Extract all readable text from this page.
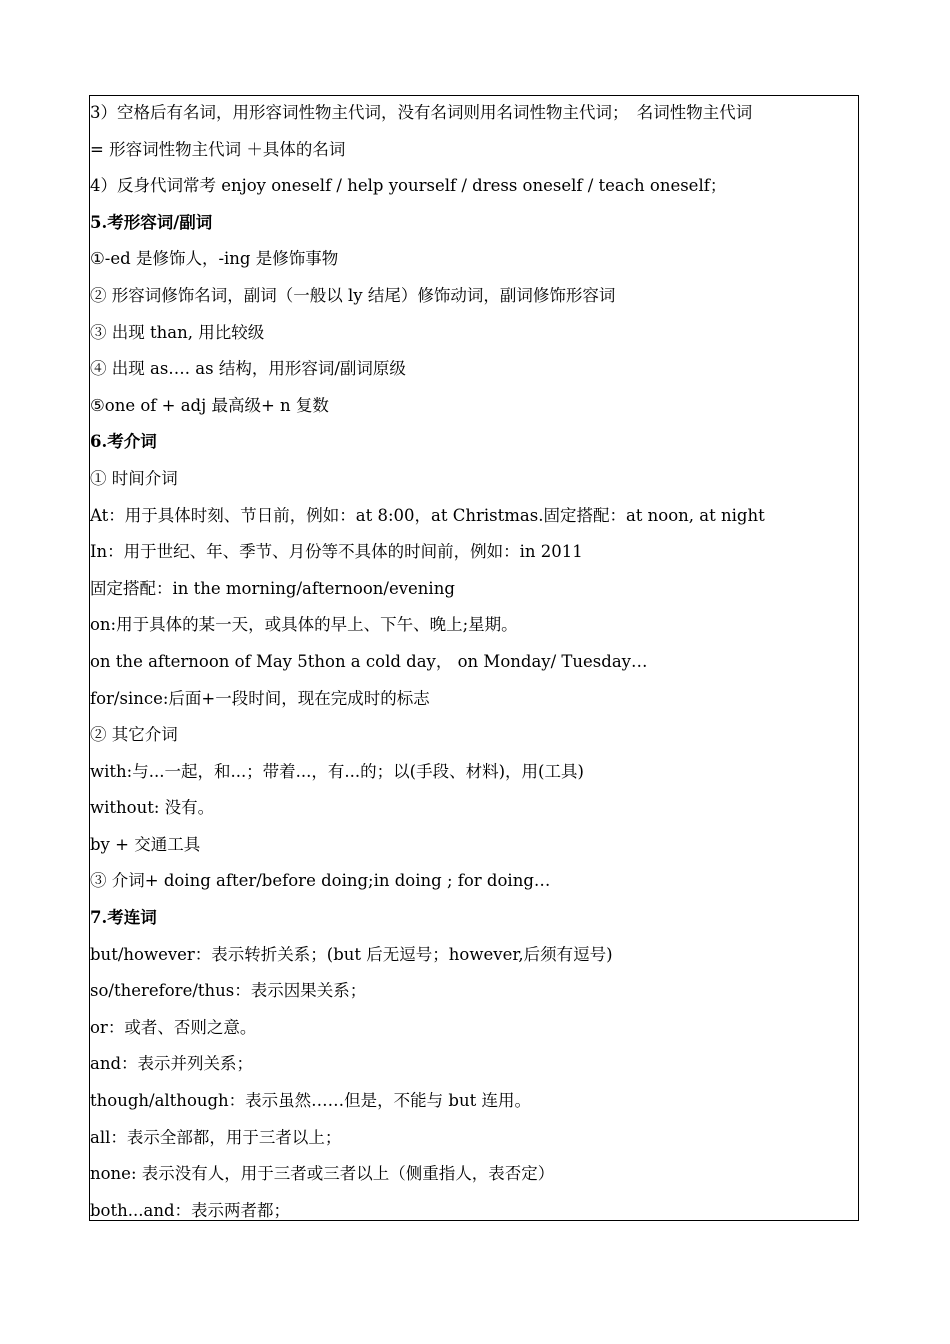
3）空格后有名词，用形容词性物主代词，没有名词则用名词性物主代词；　名词性物主代词
= 形容词性物主代词 ＋具体的名词
4）反身代词常考 enjoy oneself / help yourself / dress oneself / teach oneself；
5.考形容词/副词
①-ed 是修饰人，-ing 是修饰事物
② 形容词修饰名词，副词（一般以 ly 结尾）修饰动词，副词修饰形容词
③ 出现 than, 用比较级
④ 出现 as…. as 结构，用形容词/副词原级
⑤one of + adj 最高级+ n 复数
6.考介词
① 时间介词
At：用于具体时刻、节日前，例如：at 8:00，at Christmas.固定搭配：at noon, at night
In：用于世纪、年、季节、月份等不具体的时间前，例如：in 2011
固定搭配：in the morning/afternoon/evening
on:用于具体的某一天，或具体的早上、下午、晚上;星期。
on the afternoon of May 5thon a cold day， on Monday/ Tuesday…
for/since:后面+一段时间，现在完成时的标志
② 其它介词
with:与...一起，和...；带着...，有...的；以(手段、材料)，用(工具)
without: 没有。
by + 交通工具
③ 介词+ doing after/before doing;in doing ; for doing…
7.考连词
but/however：表示转折关系；(but 后无逗号；however,后须有逗号)
so/therefore/thus：表示因果关系；
or：或者、否则之意。
and：表示并列关系；
though/although：表示虽然……但是，不能与 but 连用。
all：表示全部都，用于三者以上；
none: 表示没有人，用于三者或三者以上（侧重指人，表否定）
both...and：表示两者都；
